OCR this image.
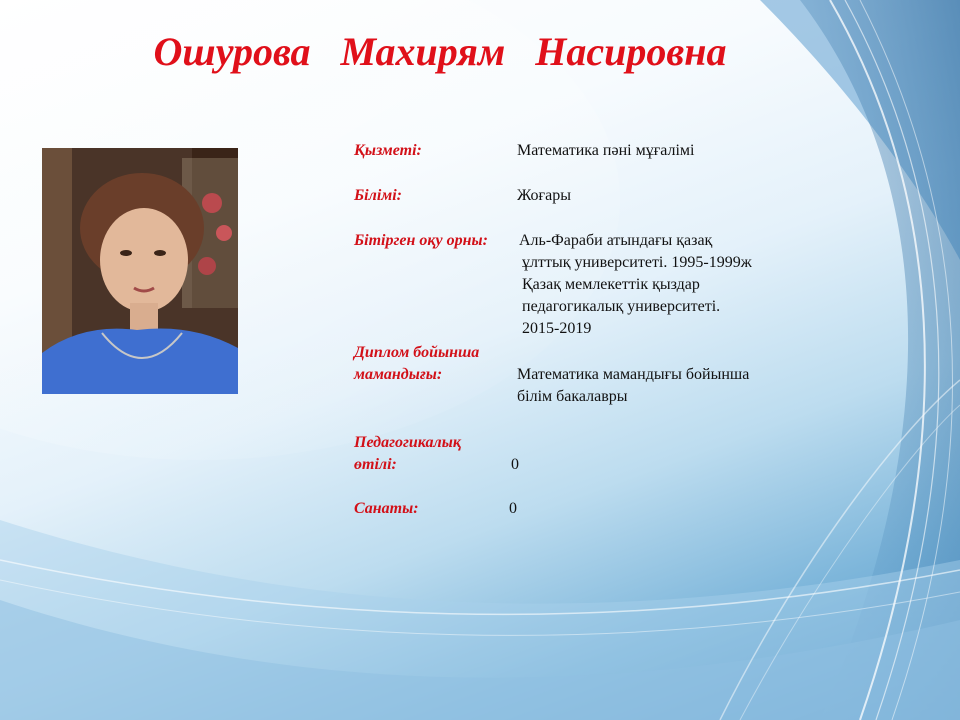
Ошурова   Махирям   Насировна

Қызметі:	Математика пәні мұғалімі

Білімі:	Жоғары

Бітірген оқу орны: Аль-Фараби атындағы қазақ

ұлттық университеті. 1995-1999ж

Қазақ мемлекеттік қыздар

педагогикалық университеті.

2015-2019

Диплом бойынша

мамандығы:	Математика мамандығы бойынша

білім бакалавры

Педагогикалық

өтілі:	0

Санаты:	0
